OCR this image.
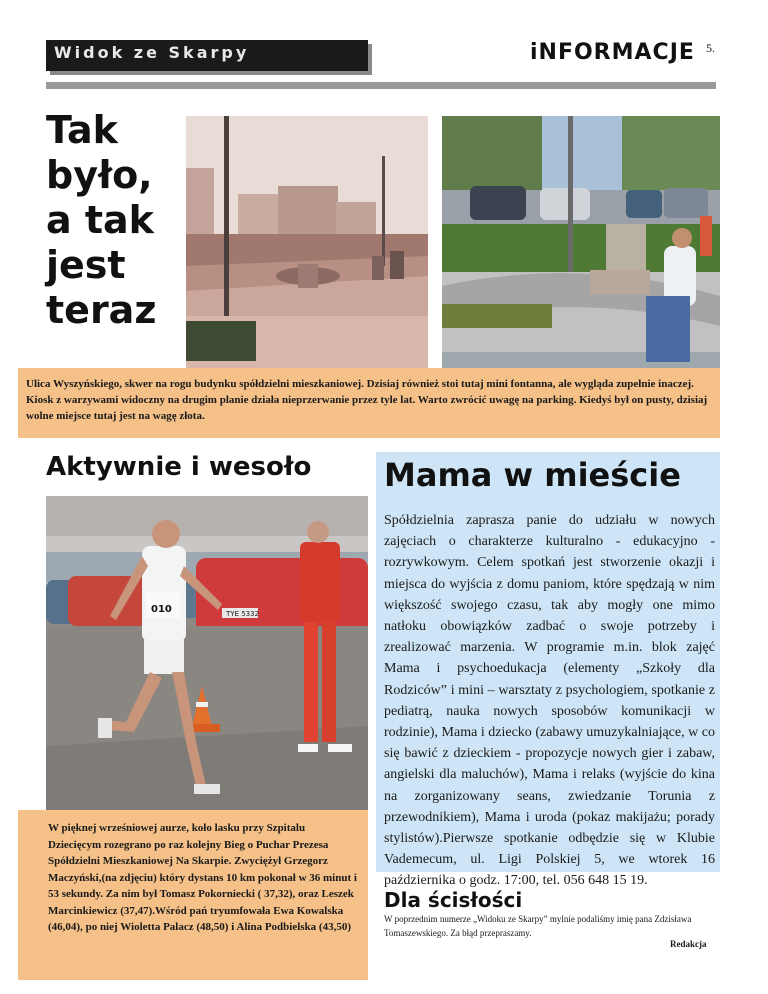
Widok ze Skarpy	iNFORMACJE 5.
Tak
było,
a tak
jest
teraz
Ulica Wyszyńskiego, skwer na rogu budynku spółdzielni mieszkaniowej. Dzisiaj również stoi tutaj mini fontanna, ale wygląda zupełnie inaczej. Kiosk z warzywami widoczny na drugim planie działa nieprzerwanie przez tyle lat. Warto zwrócić uwagę na parking. Kiedyś był on pusty, dzisiaj wolne miejsce tutaj jest na wagę złota.
Aktywnie i wesoło
TYE 5332
010
W pięknej wrześniowej aurze, koło lasku przy Szpitalu Dziecięcym rozegrano po raz kolejny Bieg o Puchar Prezesa Spółdzielni Mieszkaniowej Na Skarpie. Zwyciężył Grzegorz Maczyński,(na zdjęciu) który dystans 10 km pokonał w 36 minut i 53 sekundy. Za nim był Tomasz Pokorniecki ( 37,32), oraz Leszek Marcinkiewicz (37,47).Wśród pań tryumfowała Ewa Kowalska (46,04), po niej Wioletta Palacz (48,50) i Alina Podbielska (43,50)
Mama w mieście
Spółdzielnia zaprasza panie do udziału w nowych zajęciach o charakterze kulturalno - edukacyjno - rozrywkowym. Celem spotkań jest stworzenie okazji i miejsca do wyjścia z domu paniom, które spędzają w nim większość swojego czasu, tak aby mogły one mimo natłoku obowiązków zadbać o swoje potrzeby i zrealizować marzenia. W programie m.in. blok zajęć Mama i psychoedukacja (elementy „Szkoły dla Rodziców” i mini – warsztaty z psychologiem, spotkanie z pediatrą, nauka nowych sposobów komunikacji w rodzinie), Mama i dziecko (zabawy umuzykalniające, w co się bawić z dzieckiem - propozycje nowych gier i zabaw, angielski dla maluchów), Mama i relaks (wyjście do kina na zorganizowany seans, zwiedzanie Torunia z przewodnikiem), Mama i uroda (pokaz makijażu; porady stylistów).Pierwsze spotkanie odbędzie się w Klubie Vademecum, ul. Ligi Polskiej 5, we wtorek 16 października o godz. 17:00, tel. 056 648 15 19.
Dla ścisłości
W poprzednim numerze „Widoku ze Skarpy” mylnie podaliśmy imię pana Zdzisława Tomaszewskiego. Za błąd przepraszamy.
Redakcja
